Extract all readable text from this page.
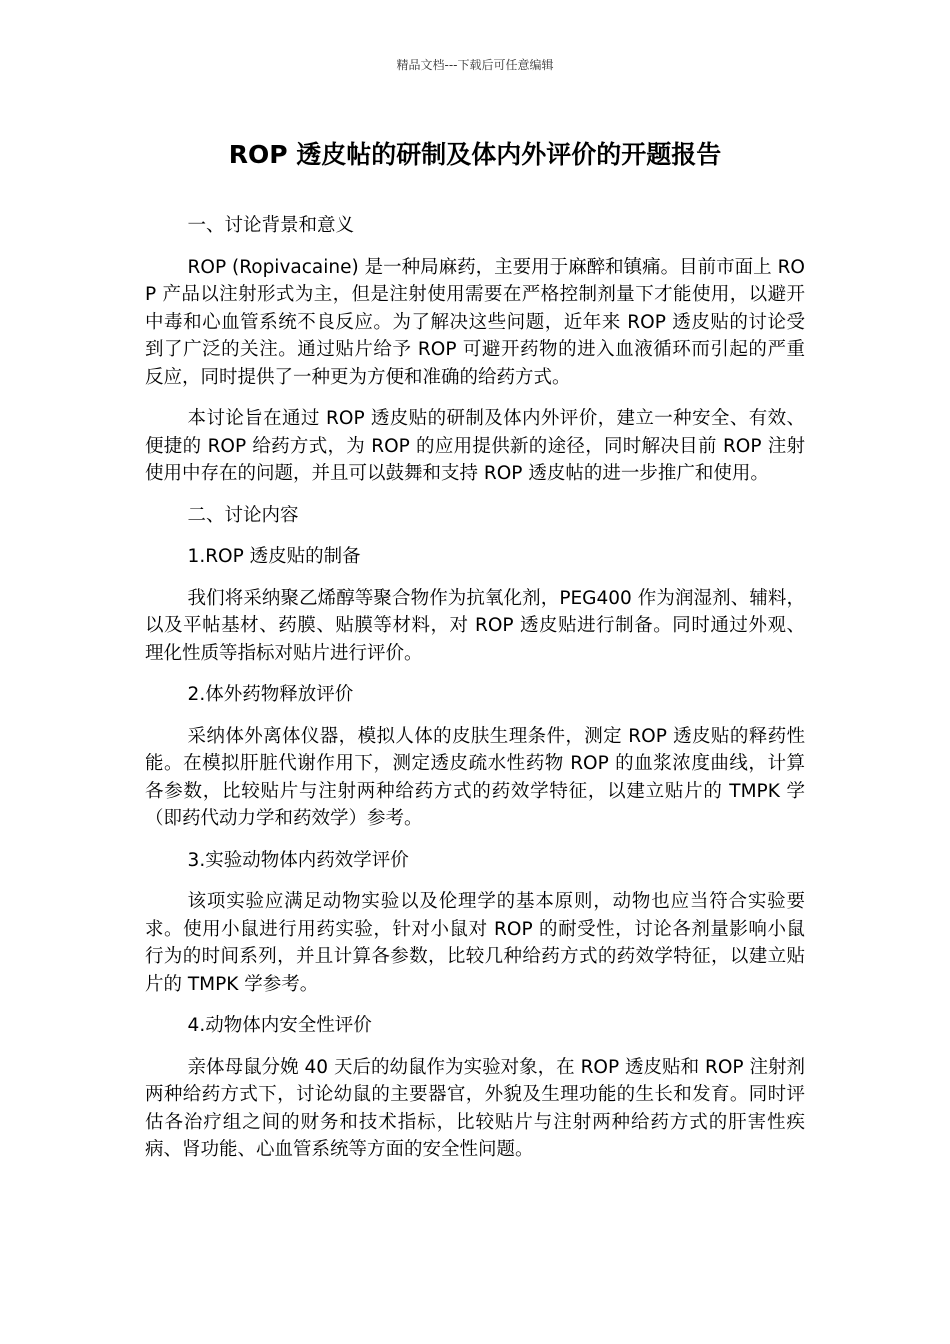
精品文档---下载后可任意编辑
ROP 透皮帖的研制及体内外评价的开题报告

一、讨论背景和意义

ROP (Ropivacaine) 是一种局麻药，主要用于麻醉和镇痛。目前市面上 ROP 产品以注射形式为主，但是注射使用需要在严格控制剂量下才能使用，以避开中毒和心血管系统不良反应。为了解决这些问题，近年来 ROP 透皮贴的讨论受到了广泛的关注。通过贴片给予 ROP 可避开药物的进入血液循环而引起的严重反应，同时提供了一种更为方便和准确的给药方式。

本讨论旨在通过 ROP 透皮贴的研制及体内外评价，建立一种安全、有效、便捷的 ROP 给药方式，为 ROP 的应用提供新的途径，同时解决目前 ROP 注射使用中存在的问题，并且可以鼓舞和支持 ROP 透皮帖的进一步推广和使用。

二、讨论内容

1.ROP 透皮贴的制备

我们将采纳聚乙烯醇等聚合物作为抗氧化剂，PEG400 作为润湿剂、辅料，以及平帖基材、药膜、贴膜等材料，对 ROP 透皮贴进行制备。同时通过外观、理化性质等指标对贴片进行评价。

2.体外药物释放评价

采纳体外离体仪器，模拟人体的皮肤生理条件，测定 ROP 透皮贴的释药性能。在模拟肝脏代谢作用下，测定透皮疏水性药物 ROP 的血浆浓度曲线，计算各参数，比较贴片与注射两种给药方式的药效学特征，以建立贴片的 TMPK 学（即药代动力学和药效学）参考。

3.实验动物体内药效学评价

该项实验应满足动物实验以及伦理学的基本原则，动物也应当符合实验要求。使用小鼠进行用药实验，针对小鼠对 ROP 的耐受性，讨论各剂量影响小鼠行为的时间系列，并且计算各参数，比较几种给药方式的药效学特征，以建立贴片的 TMPK 学参考。

4.动物体内安全性评价

亲体母鼠分娩 40 天后的幼鼠作为实验对象，在 ROP 透皮贴和 ROP 注射剂两种给药方式下，讨论幼鼠的主要器官，外貌及生理功能的生长和发育。同时评估各治疗组之间的财务和技术指标，比较贴片与注射两种给药方式的肝害性疾病、肾功能、心血管系统等方面的安全性问题。
